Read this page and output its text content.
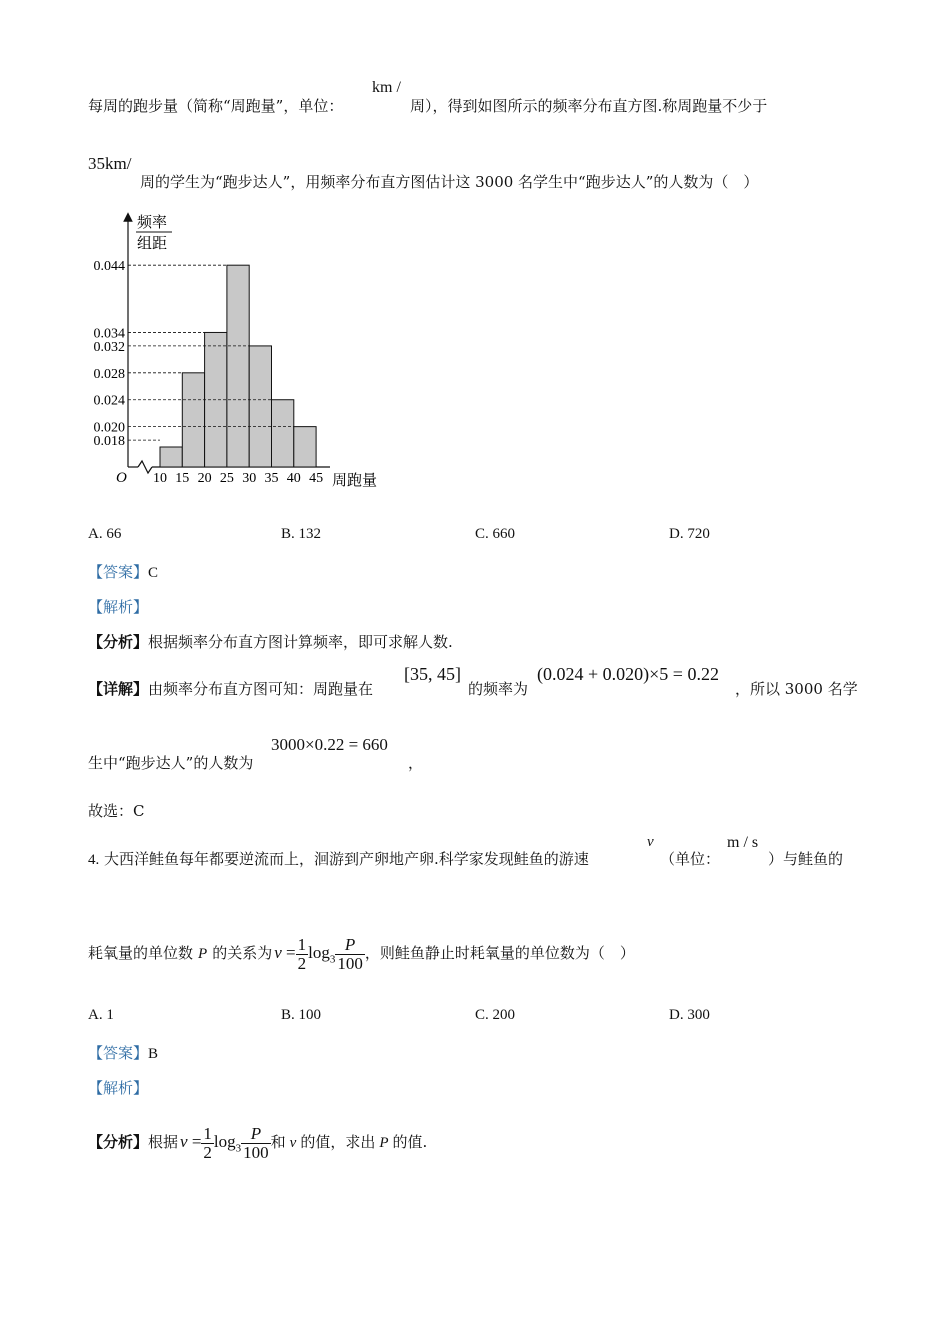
每周的跑步量（简称“周跑量”，单位：
km /
周），得到如图所示的频率分布直方图.称周跑量不少于
35km/
周的学生为“跑步达人”，用频率分布直方图估计这 3000 名学生中“跑步达人”的人数为（　）
频率
组距
O	周跑量
0.044
0.034
0.032
0.028
0.024
0.020
0.018
10 15 20 25 30 35 40 45
A. 66	B. 132	C. 660	D. 720
【答案】C
【解析】
【分析】根据频率分布直方图计算频率，即可求解人数.
【详解】由频率分布直方图可知：周跑量在
[35, 45]
的频率为
(0.024 + 0.020)×5 = 0.22
，所以 3000 名学
生中“跑步达人”的人数为
3000×0.22 = 660
，
故选：C
4. 大西洋鲑鱼每年都要逆流而上，洄游到产卵地产卵.科学家发现鲑鱼的游速
v
（单位：
m / s
）与鲑鱼的
耗氧量的单位数 P 的关系为 $v = \frac{1}{2} \log_3 \frac{P}{100}$ ，则鲑鱼静止时耗氧量的单位数为（　）
A. 1	B. 100	C. 200	D. 300
【答案】B
【解析】
【分析】根据 $v = \frac{1}{2} \log_3 \frac{P}{100}$ 和 v 的值，求出 P 的值.
